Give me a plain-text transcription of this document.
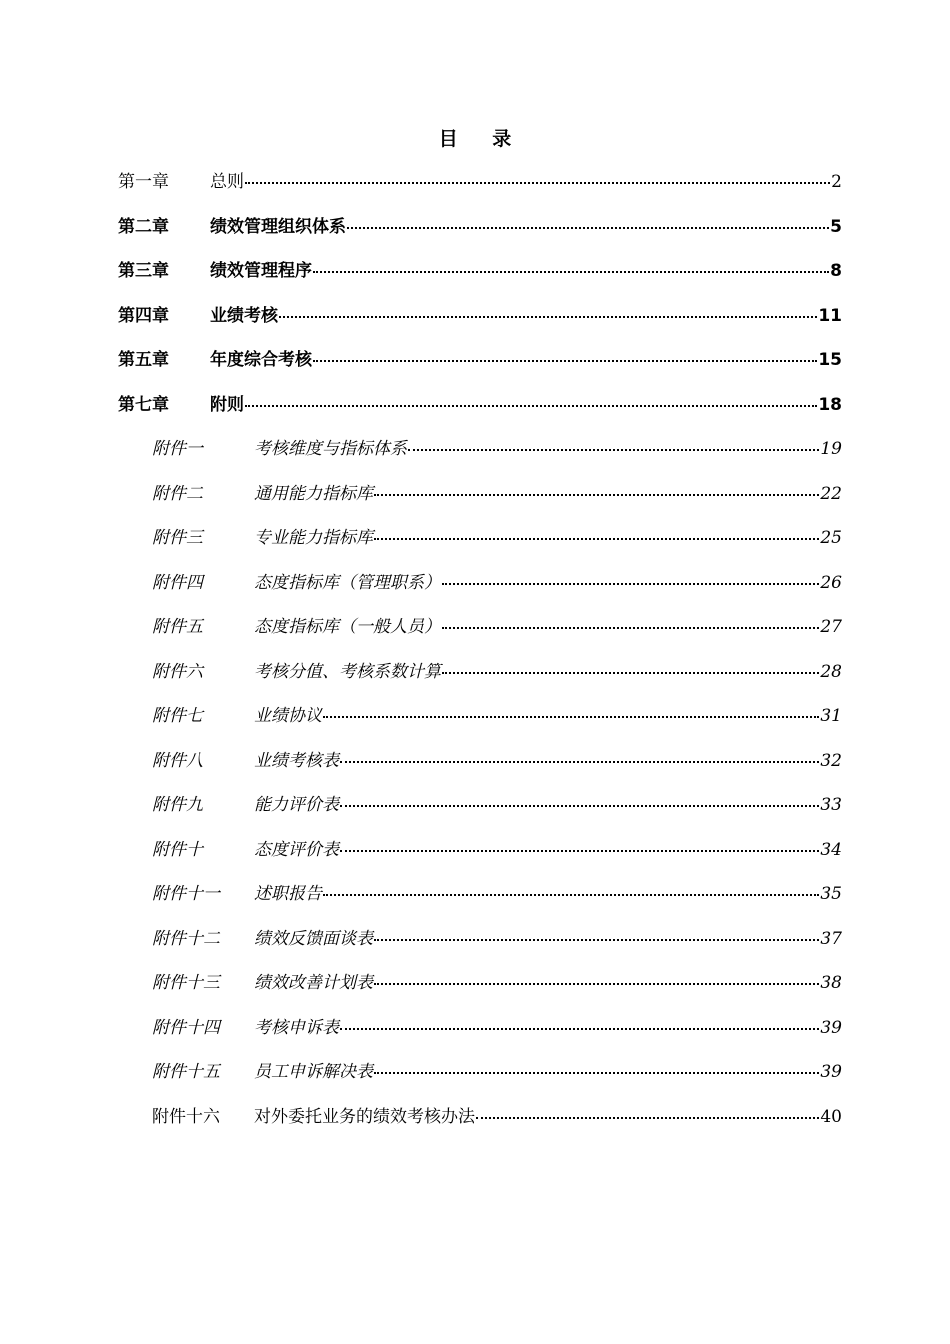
目 录
第一章	总则	2
第二章	绩效管理组织体系	5
第三章	绩效管理程序	8
第四章	业绩考核	11
第五章	年度综合考核	15
第七章	附则	18
附件一	考核维度与指标体系	19
附件二	通用能力指标库	22
附件三	专业能力指标库	25
附件四	态度指标库（管理职系）	26
附件五	态度指标库（一般人员）	27
附件六	考核分值、考核系数计算	28
附件七	业绩协议	31
附件八	业绩考核表	32
附件九	能力评价表	33
附件十	态度评价表	34
附件十一	述职报告	35
附件十二	绩效反馈面谈表	37
附件十三	绩效改善计划表	38
附件十四	考核申诉表	39
附件十五	员工申诉解决表	39
附件十六	对外委托业务的绩效考核办法	40
